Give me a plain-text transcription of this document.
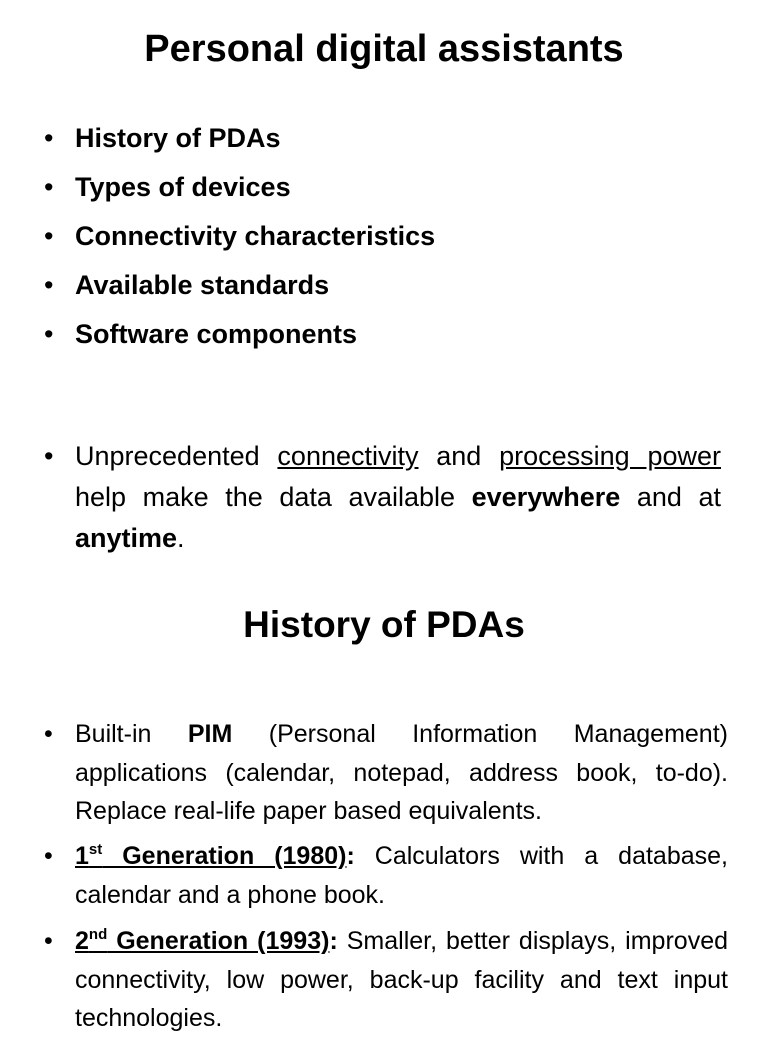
Personal digital assistants
• History of PDAs
• Types of devices
• Connectivity characteristics
• Available standards
• Software components

• Unprecedented connectivity and processing power help make the data available everywhere and at anytime.

History of PDAs

• Built-in PIM (Personal Information Management) applications (calendar, notepad, address book, to-do). Replace real-life paper based equivalents.

• 1st Generation (1980): Calculators with a database, calendar and a phone book.

• 2nd Generation (1993): Smaller, better displays, improved connectivity, low power, back-up facility and text input technologies.
